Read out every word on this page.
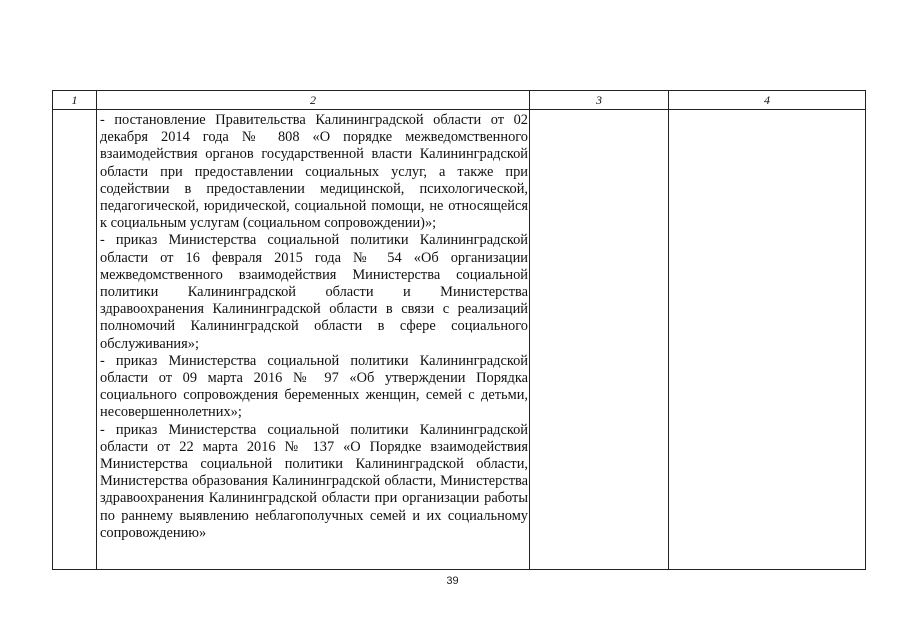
1	2	3	4

	- постановление Правительства Калининградской области от 02 декабря 2014 года № 808 «О порядке межведомственного взаимодействия органов государственной власти Калининградской области при предоставлении социальных услуг, а также при содействии в предоставлении медицинской, психологической, педагогической, юридической, социальной помощи, не относящейся к социальным услугам (социальном сопровождении)»;

- приказ Министерства социальной политики Калининградской области от 16 февраля 2015 года № 54 «Об организации межведомственного взаимодействия Министерства социальной политики Калининградской области и Министерства здравоохранения Калининградской области в связи с реализаций полномочий Калининградской области в сфере социального обслуживания»;

- приказ Министерства социальной политики Калининградской области от 09 марта 2016 № 97 «Об утверждении Порядка социального сопровождения беременных женщин, семей с детьми, несовершеннолетних»;

- приказ Министерства социальной политики Калининградской области от 22 марта 2016 № 137 «О Порядке взаимодействия Министерства социальной политики Калининградской области, Министерства образования Калининградской области, Министерства здравоохранения Калининградской области при организации работы по раннему выявлению неблагополучных семей и их социальному сопровождению»		

39
